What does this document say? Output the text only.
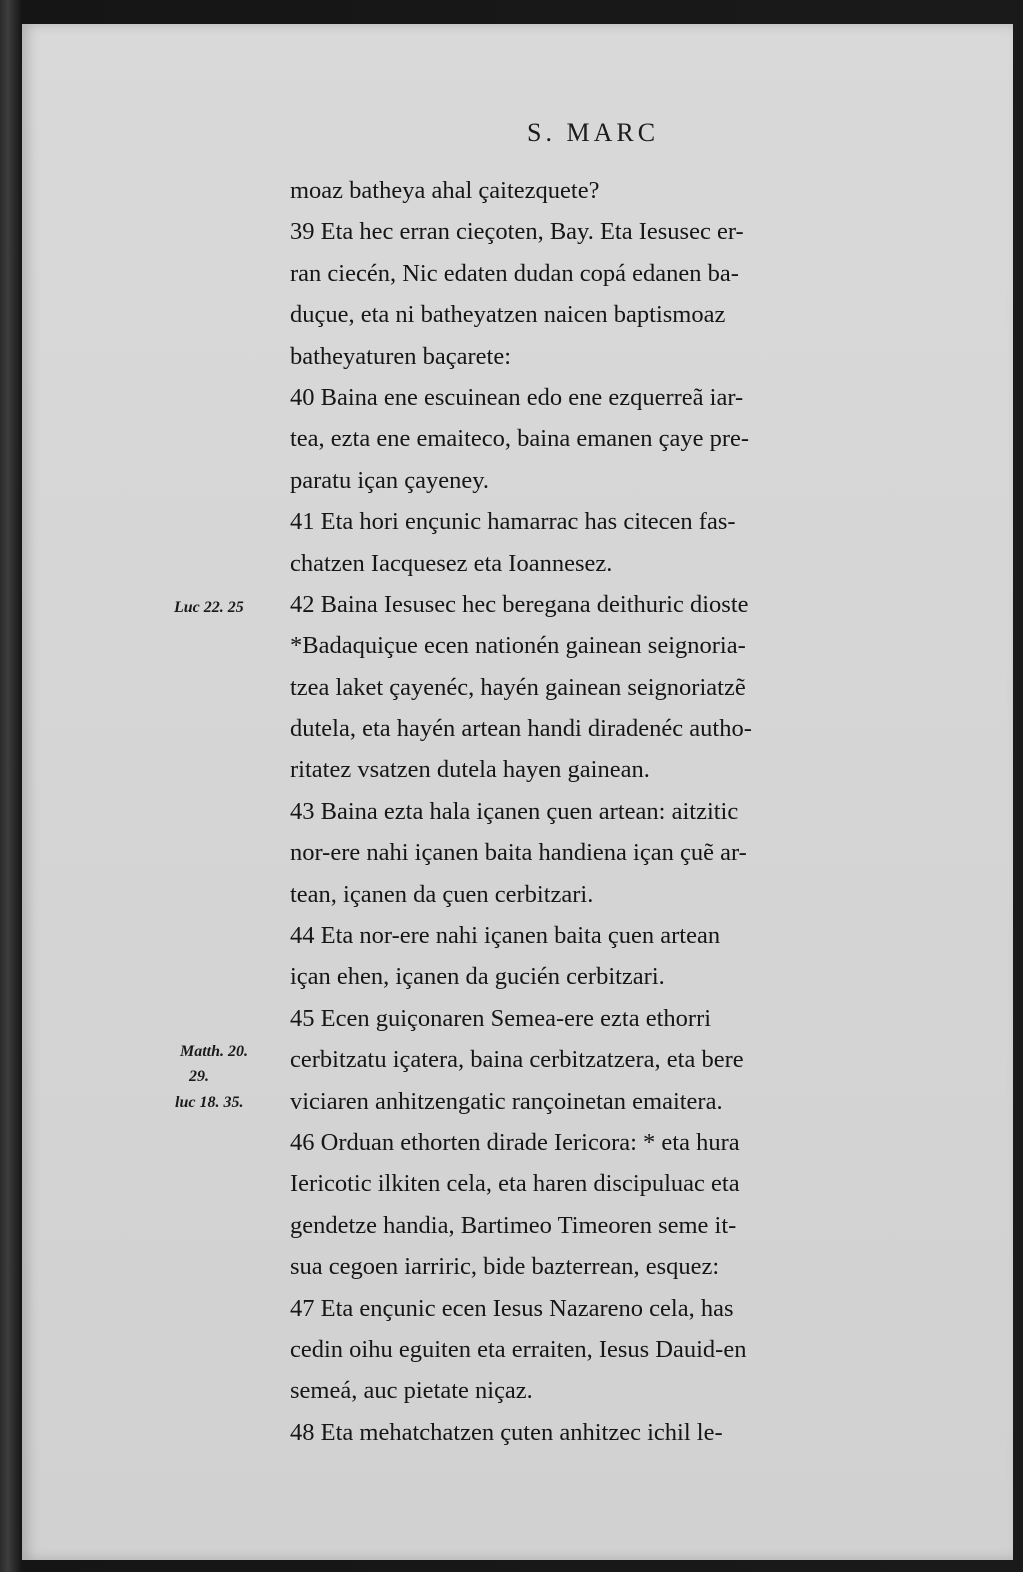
S. MARC
Luc 22. 25
Matth. 20.
29.
luc 18. 35.
moaz batheya ahal çaitezquete?
39 Eta hec erran cieçoten, Bay. Eta Iesusec er-
ran ciecén, Nic edaten dudan copá edanen ba-
duçue, eta ni batheyatzen naicen baptismoaz
batheyaturen baçarete:
40 Baina ene escuinean edo ene ezquerreã iar-
tea, ezta ene emaiteco, baina emanen çaye pre-
paratu içan çayeney.
41 Eta hori ençunic hamarrac has citecen fas-
chatzen Iacquesez eta Ioannesez.
42 Baina Iesusec hec beregana deithuric dioste
*Badaquiçue ecen nationén gainean seignoria-
tzea laket çayenéc, hayén gainean seignoriatzẽ
dutela, eta hayén artean handi diradenéc autho-
ritatez vsatzen dutela hayen gainean.
43 Baina ezta hala içanen çuen artean: aitzitic
nor-ere nahi içanen baita handiena içan çuẽ ar-
tean, içanen da çuen cerbitzari.
44 Eta nor-ere nahi içanen baita çuen artean
içan ehen, içanen da gucién cerbitzari.
45 Ecen guiçonaren Semea-ere ezta ethorri
cerbitzatu içatera, baina cerbitzatzera, eta bere
viciaren anhitzengatic rançoinetan emaitera.
46 Orduan ethorten dirade Iericora: * eta hura
Iericotic ilkiten cela, eta haren discipuluac eta
gendetze handia, Bartimeo Timeoren seme it-
sua cegoen iarriric, bide bazterrean, esquez:
47 Eta ençunic ecen Iesus Nazareno cela, has
cedin oihu eguiten eta erraiten, Iesus Dauid-en
semeá, auc pietate niçaz.
48 Eta mehatchatzen çuten anhitzec ichil le-
